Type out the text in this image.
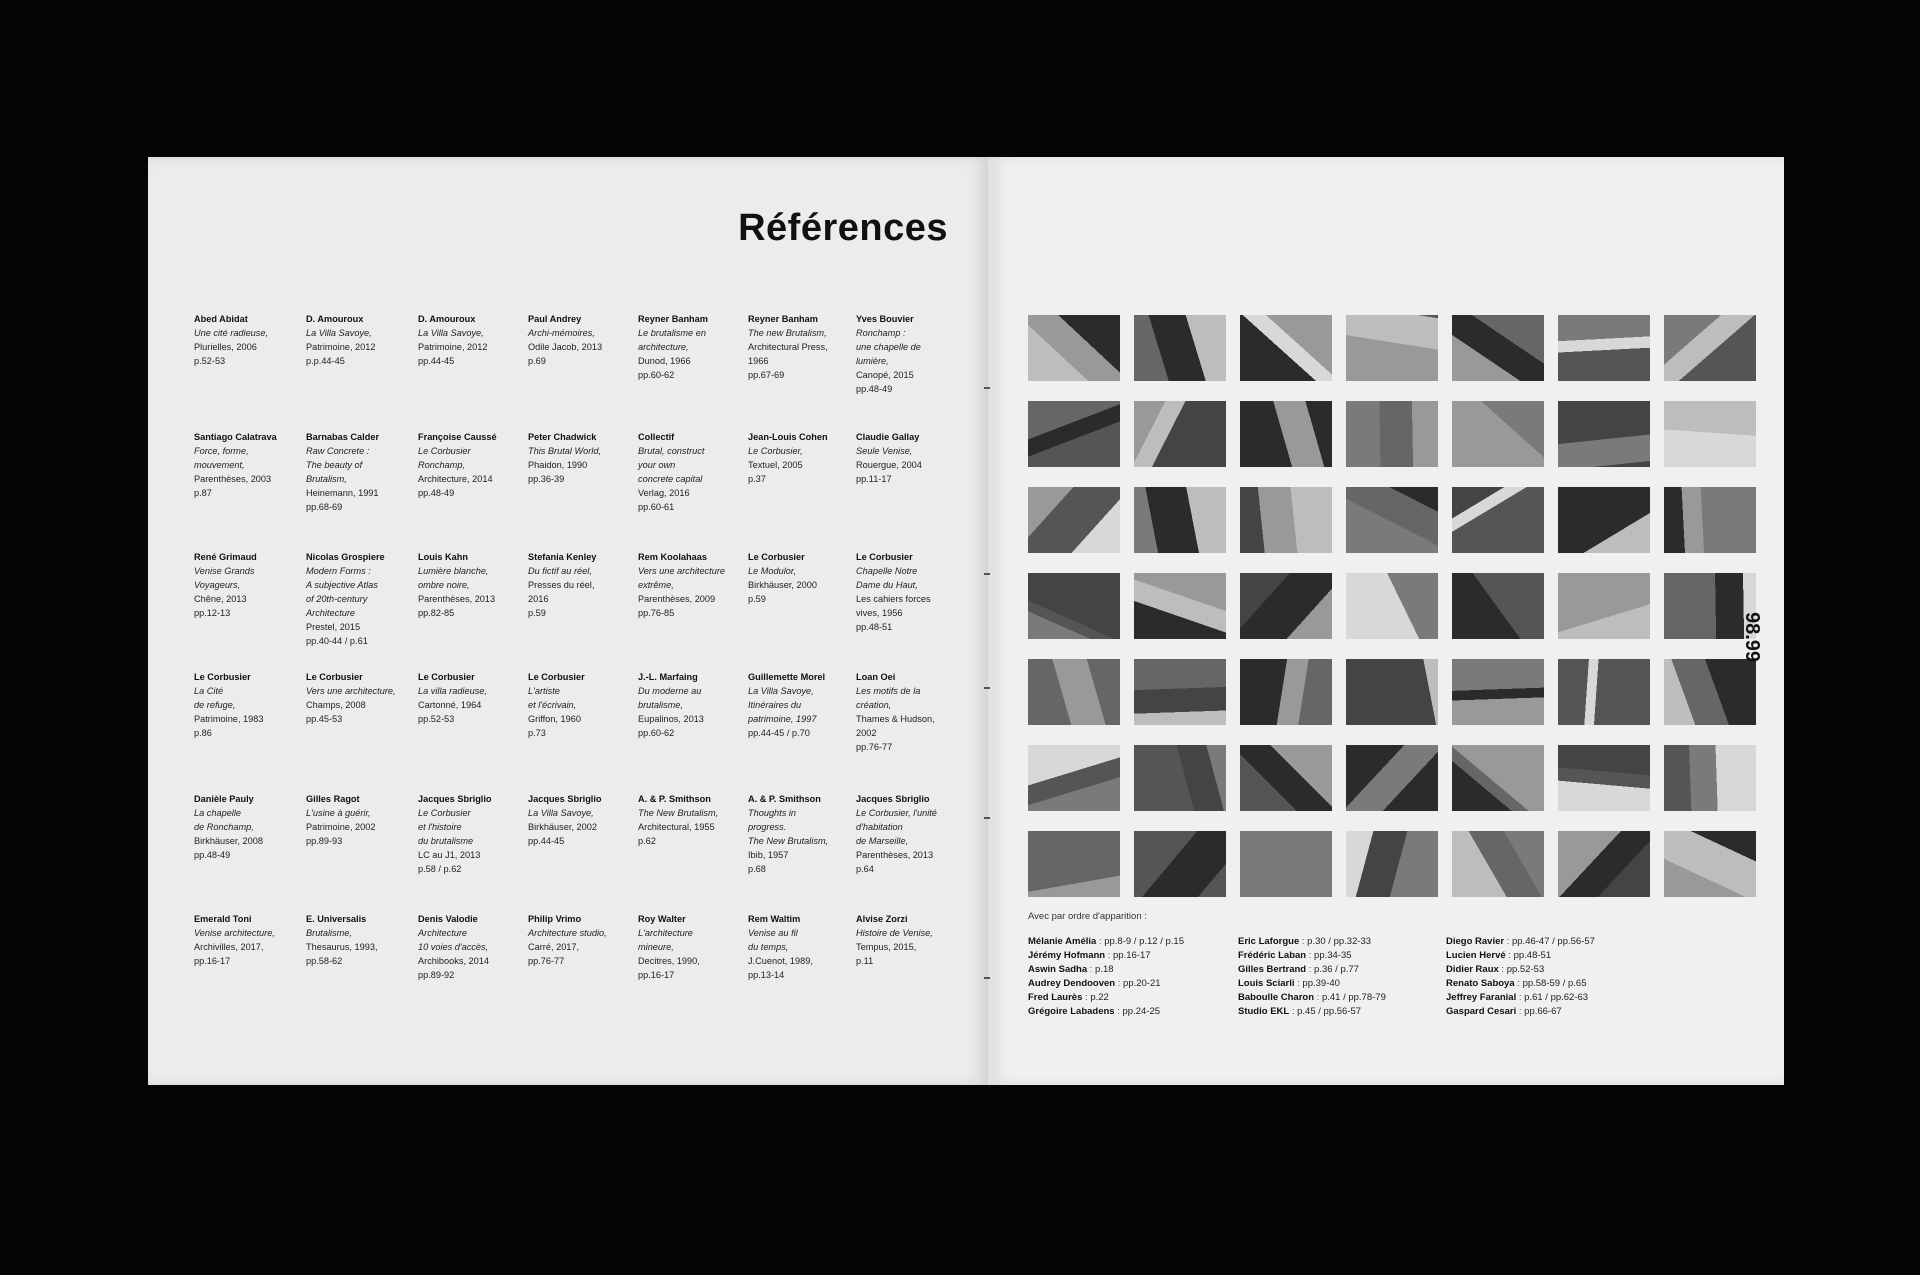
Références
Abed Abidat
Une cité radieuse,
Plurielles, 2006
p.52-53
D. Amouroux
La Villa Savoye,
Patrimoine, 2012
p.p.44-45
D. Amouroux
La Villa Savoye,
Patrimoine, 2012
pp.44-45
Paul Andrey
Archi-mémoires,
Odile Jacob, 2013
p.69
Reyner Banham
Le brutalisme en
architecture,
Dunod, 1966
pp.60-62
Reyner Banham
The new Brutalism,
Architectural Press,
1966
pp.67-69
Yves Bouvier
Ronchamp :
une chapelle de
lumière,
Canopé, 2015
pp.48-49
Santiago Calatrava
Force, forme,
mouvement,
Parenthèses, 2003
p.87
Barnabas Calder
Raw Concrete :
The beauty of
Brutalism,
Heinemann, 1991
pp.68-69
Françoise Caussé
Le Corbusier
Ronchamp,
Architecture, 2014
pp.48-49
Peter Chadwick
This Brutal World,
Phaidon, 1990
pp.36-39
Collectif
Brutal, construct
your own
concrete capital
Verlag, 2016
pp.60-61
Jean-Louis Cohen
Le Corbusier,
Textuel, 2005
p.37
Claudie Gallay
Seule Venise,
Rouergue, 2004
pp.11-17
René Grimaud
Venise Grands
Voyageurs,
Chêne, 2013
pp.12-13
Nicolas Grospiere
Modern Forms :
A subjective Atlas
of 20th-century
Architecture
Prestel, 2015
pp.40-44 / p.61
Louis Kahn
Lumière blanche,
ombre noire,
Parenthèses, 2013
pp.82-85
Stefania Kenley
Du fictif au réel,
Presses du réel,
2016
p.59
Rem Koolahaas
Vers une architecture
extrême,
Parenthèses, 2009
pp.76-85
Le Corbusier
Le Modulor,
Birkhäuser, 2000
p.59
Le Corbusier
Chapelle Notre
Dame du Haut,
Les cahiers forces
vives, 1956
pp.48-51
Le Corbusier
La Cité
de refuge,
Patrimoine, 1983
p.86
Le Corbusier
Vers une architecture,
Champs, 2008
pp.45-53
Le Corbusier
La villa radieuse,
Cartonné, 1964
pp.52-53
Le Corbusier
L'artiste
et l'écrivain,
Griffon, 1960
p.73
J.-L. Marfaing
Du moderne au
brutalisme,
Eupalinos, 2013
pp.60-62
Guillemette Morel
La Villa Savoye,
Itinéraires du
patrimoine, 1997
pp.44-45 / p.70
Loan Oei
Les motifs de la
création,
Thames & Hudson,
2002
pp.76-77
Danièle Pauly
La chapelle
de Ronchamp,
Birkhäuser, 2008
pp.48-49
Gilles Ragot
L'usine à guérir,
Patrimoine, 2002
pp.89-93
Jacques Sbriglio
Le Corbusier
et l'histoire
du brutalisme
LC au J1, 2013
p.58 / p.62
Jacques Sbriglio
La Villa Savoye,
Birkhäuser, 2002
pp.44-45
A. & P. Smithson
The New Brutalism,
Architectural, 1955
p.62
A. & P. Smithson
Thoughts in
progress.
The New Brutalism,
Ibib, 1957
p.68
Jacques Sbriglio
Le Corbusier, l'unité
d'habitation
de Marseille,
Parenthèses, 2013
p.64
Emerald Toni
Venise architecture,
Archivilles, 2017,
pp.16-17
E. Universalis
Brutalisme,
Thesaurus, 1993,
pp.58-62
Denis Valodie
Architecture
10 voies d'accès,
Archibooks, 2014
pp.89-92
Philip Vrimo
Architecture studio,
Carré, 2017,
pp.76-77
Roy Walter
L'architecture
mineure,
Decitres, 1990,
pp.16-17
Rem Waltim
Venise au fil
du temps,
J.Cuenot, 1989,
pp.13-14
Alvise Zorzi
Histoire de Venise,
Tempus, 2015,
p.11
98.99
Avec par ordre d'apparition :
Mélanie Amélia : pp.8-9 / p.12 / p.15
Jérémy Hofmann : pp.16-17
Aswin Sadha : p.18
Audrey Dendooven : pp.20-21
Fred Laurès : p.22
Grégoire Labadens : pp.24-25
Eric Laforgue : p.30 / pp.32-33
Frédéric Laban : pp.34-35
Gilles Bertrand : p.36 / p.77
Louis Sciarli : pp.39-40
Baboulle Charon : p.41 / pp.78-79
Studio EKL : p.45 / pp.56-57
Diego Ravier : pp.46-47 / pp.56-57
Lucien Hervé : pp.48-51
Didier Raux : pp.52-53
Renato Saboya : pp.58-59 / p.65
Jeffrey Faranial : p.61 / pp.62-63
Gaspard Cesari : pp.66-67
